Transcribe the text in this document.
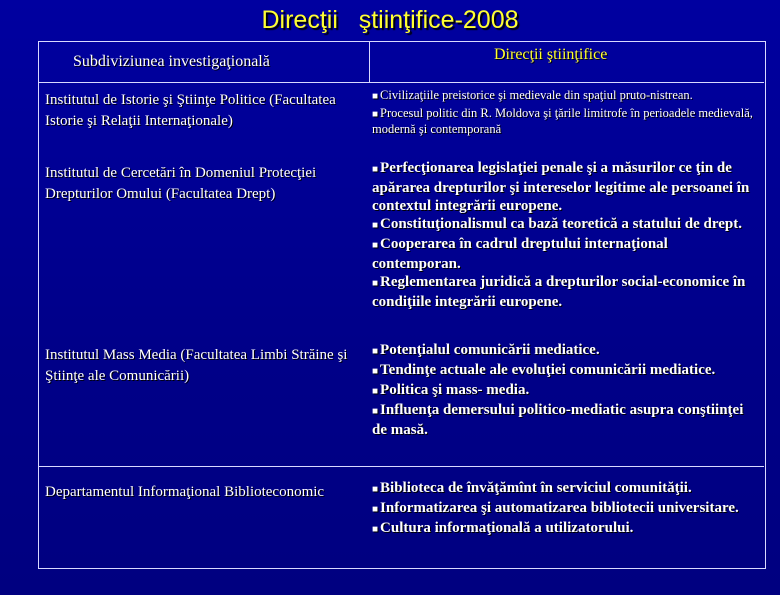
Direcţii   ştiinţifice-2008
Subdiviziunea investigaţională	Direcţii ştiinţifice
Institutul de Istorie şi Ştiinţe Politice (Facultatea Istorie şi Relaţii Internaţionale)
■ Civilizaţiile preistorice şi medievale din spaţiul pruto-nistrean.
■ Procesul politic din R. Moldova şi ţările limitrofe în perioadele medievală, modernă şi contemporană
Institutul de Cercetări în Domeniul Protecţiei Drepturilor Omului (Facultatea Drept)
■ Perfecţionarea legislaţiei penale şi a măsurilor ce ţin de apărarea drepturilor şi intereselor legitime ale persoanei în contextul integrării europene.
■ Constituţionalismul ca bază teoretică a statului de drept.
■ Cooperarea în cadrul dreptului internaţional contemporan.
■ Reglementarea juridică a drepturilor social-economice în condiţiile integrării europene.
Institutul Mass Media (Facultatea Limbi Străine şi Ştiinţe ale Comunicării)
■ Potenţialul comunicării mediatice.
■ Tendinţe actuale ale evoluţiei comunicării mediatice.
■ Politica şi mass- media.
■ Influenţa demersului politico-mediatic asupra conştiinţei de masă.
Departamentul Informaţional Biblioteconomic	■ Biblioteca de învăţămînt în serviciul comunităţii.
■ Informatizarea şi automatizarea bibliotecii universitare.
■ Cultura informaţională a utilizatorului.
